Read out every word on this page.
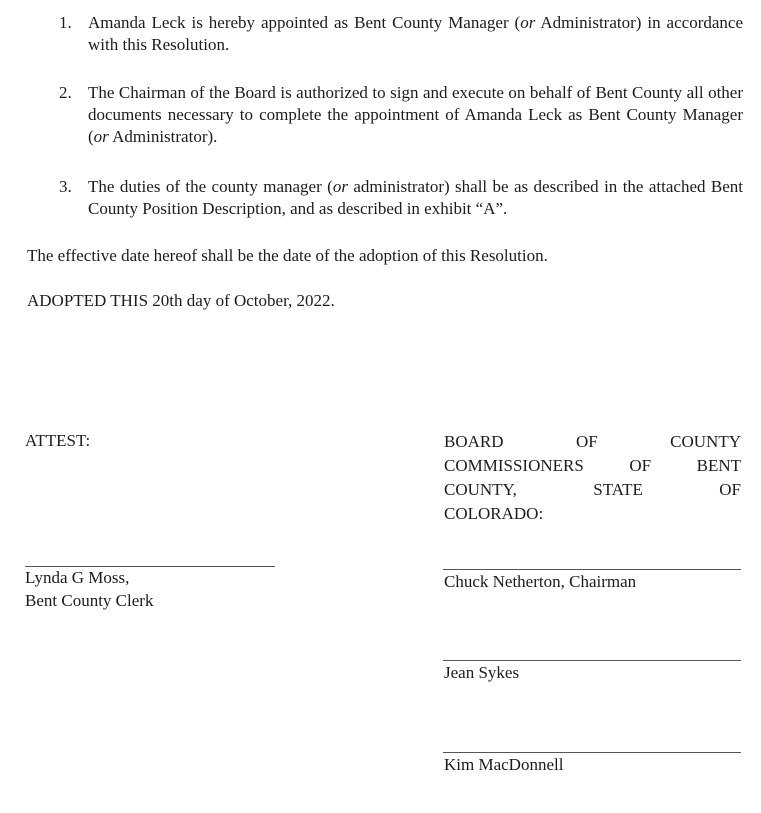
1. Amanda Leck is hereby appointed as Bent County Manager (or Administrator) in accordance with this Resolution.
2. The Chairman of the Board is authorized to sign and execute on behalf of Bent County all other documents necessary to complete the appointment of Amanda Leck as Bent County Manager (or Administrator).
3. The duties of the county manager (or administrator) shall be as described in the attached Bent County Position Description, and as described in exhibit “A”.
The effective date hereof shall be the date of the adoption of this Resolution.
ADOPTED THIS 20th day of October, 2022.
ATTEST:	BOARD	OF	COUNTY
COMMISSIONERS	OF	BENT
COUNTY,	STATE	OF
COLORADO:
Lynda G Moss,
Bent County Clerk
Chuck Netherton, Chairman
Jean Sykes
Kim MacDonnell
